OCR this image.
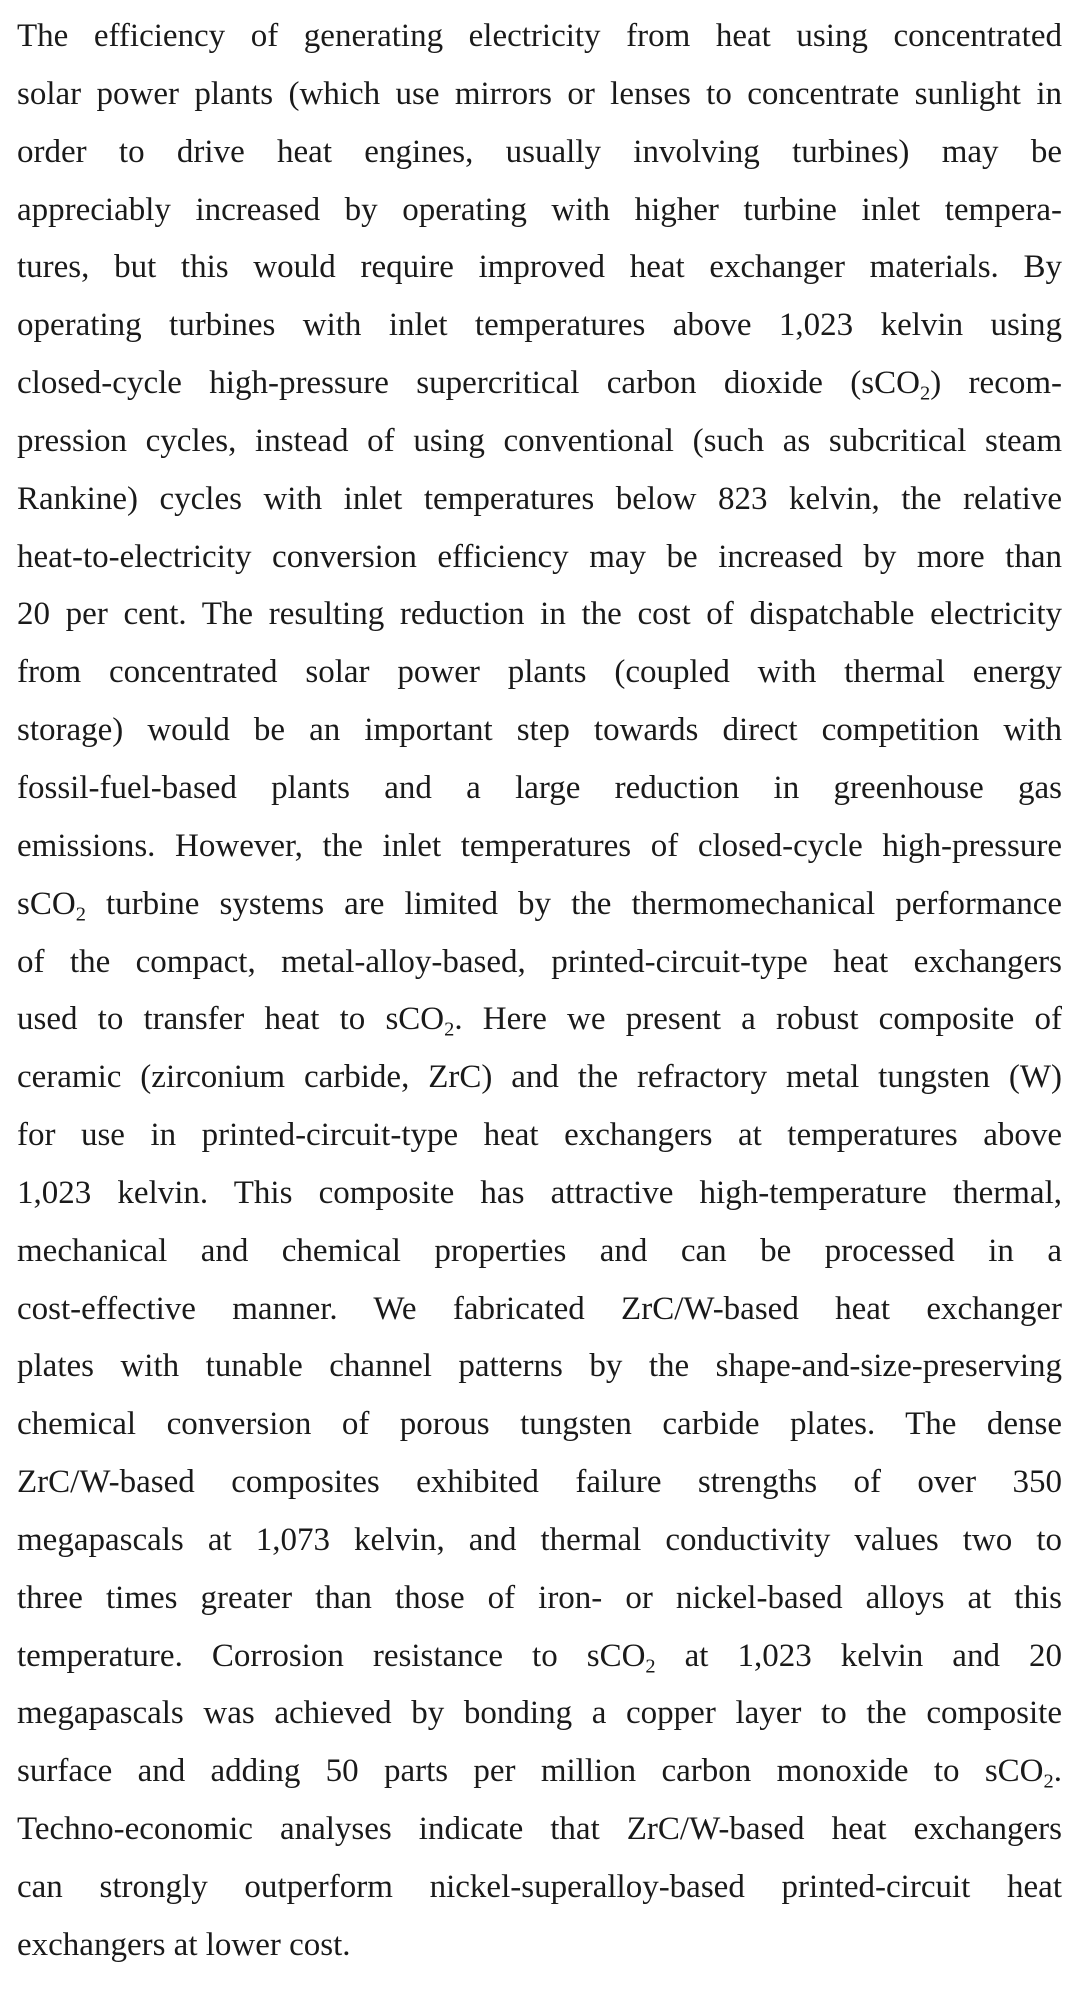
The efficiency of generating electricity from heat using concentrated
solar power plants (which use mirrors or lenses to concentrate sunlight in
order to drive heat engines, usually involving turbines) may be
appreciably increased by operating with higher turbine inlet tempera-
tures, but this would require improved heat exchanger materials. By
operating turbines with inlet temperatures above 1,023 kelvin using
closed-cycle high-pressure supercritical carbon dioxide (sCO$_2$) recom-
pression cycles, instead of using conventional (such as subcritical steam
Rankine) cycles with inlet temperatures below 823 kelvin, the relative
heat-to-electricity conversion efficiency may be increased by more than
20 per cent. The resulting reduction in the cost of dispatchable electricity
from concentrated solar power plants (coupled with thermal energy
storage) would be an important step towards direct competition with
fossil-fuel-based plants and a large reduction in greenhouse gas
emissions. However, the inlet temperatures of closed-cycle high-pressure
sCO$_2$ turbine systems are limited by the thermomechanical performance
of the compact, metal-alloy-based, printed-circuit-type heat exchangers
used to transfer heat to sCO$_2$. Here we present a robust composite of
ceramic (zirconium carbide, ZrC) and the refractory metal tungsten (W)
for use in printed-circuit-type heat exchangers at temperatures above
1,023 kelvin. This composite has attractive high-temperature thermal,
mechanical and chemical properties and can be processed in a
cost-effective manner. We fabricated ZrC/W-based heat exchanger
plates with tunable channel patterns by the shape-and-size-preserving
chemical conversion of porous tungsten carbide plates. The dense
ZrC/W-based composites exhibited failure strengths of over 350
megapascals at 1,073 kelvin, and thermal conductivity values two to
three times greater than those of iron- or nickel-based alloys at this
temperature. Corrosion resistance to sCO$_2$ at 1,023 kelvin and 20
megapascals was achieved by bonding a copper layer to the composite
surface and adding 50 parts per million carbon monoxide to sCO$_2$.
Techno-economic analyses indicate that ZrC/W-based heat exchangers
can strongly outperform nickel-superalloy-based printed-circuit heat
exchangers at lower cost.
